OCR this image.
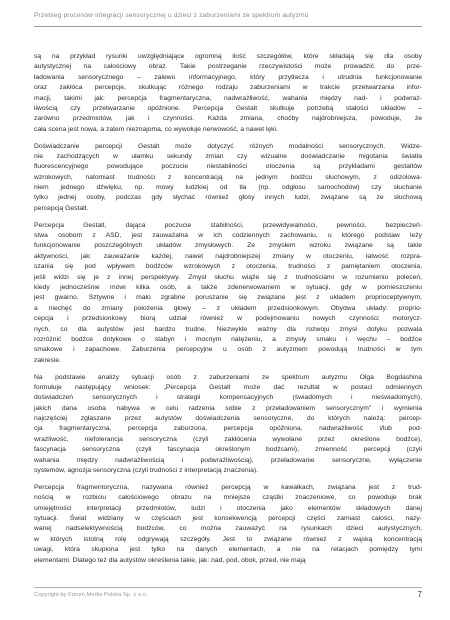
Przebieg procesów integracji sensorycznej u dzieci z zaburzeniami ze spektrum autyzmu
są na przykład rysunki uwzględniające ogromną ilość szczegółów, które składają się dla osoby
autystycznej na całościowy obraz. Takie postrzeganie rzeczywistości może prowadzić do prze-
ładowania sensorycznego – zalewu informacyjnego, który przytłacza i utrudnia funkcjonowanie
oraz zakłóca percepcje, skutkując różnego rodzaju zaburzeniami w trakcie przetwarzania infor-
macji, takimi jak: percepcja fragmentaryczna, nadwrażliwość, wahania między nad- i podwraż-
liwością czy przetwarzanie opóźnione. Percepcja Gestalt skutkuje potrzebą stałości układów –
zarówno przedmiotów, jak i czynności. Każda zmiana, choćby najdrobniejsza, powoduje, że
cała scena jest nowa, a zatem nieznajoma, co wywołuje nerwowość, a nawet lęki.
Doświadczanie percepcji Gestalt może dotyczyć różnych modalności sensorycznych. Widze-
nie zachodzących w ułamku sekundy zmian czy wizualne doświadczanie migotania światła
fluorescencyjnego powodujące poczucie niestabilności otoczenia są przykładami gestaltów
wzrokowych, natomiast trudności z koncentracją na jednym bodźcu słuchowym, z odizolowa-
niem jednego dźwięku, np. mowy ludzkiej od tła (np. odgłosu samochodów) czy słuchanie
tylko jednej osoby, podczas gdy słychać również głosy innych ludzi, związane są ze słuchową
percepcją Gestalt.
Percepcja Gestalt, dająca poczucie stabilności, przewidywalności, pewności, bezpieczeń-
stwa osobom z ASD, jest zauważalna w ich codziennych zachowaniu, u którego podstaw leży
funkcjonowanie poszczególnych układów zmysłowych. Ze zmysłem wzroku związane są takie
aktywności, jak: zauważanie każdej, nawet najdrobniejszej zmiany w otoczeniu, łatwość rozpra-
szania się pod wpływem bodźców wzrokowych z otoczenia, trudności z pamiętaniem otoczenia,
jeśli widzi się je z innej perspektywy. Zmysł słuchu wiąże się z trudnościami w rozumieniu poleceń,
kiedy jednocześnie mówi kilka osób, a także zdenerwowaniem w sytuacji, gdy w pomieszczeniu
jest gwarno. Sztywne i mało zgrabne poruszanie się związane jest z układem proprioceptywnym,
a niechęć do zmiany położenia głowy – z układem przedsionkowym. Obydwa układy: proprio-
cepcja i przedsionkowy biorą udział również w podejmowaniu nowych czynności motorycz-
nych, co dla autystów jest bardzo trudne. Niezwykle ważny dla rozwoju zmysł dotyku pozwala
rozróżnić bodźce dotykowe o stabyn i mocnym natężeniu, a zmysły smaku i węchu – bodźce
smakowe i zapachowe. Zaburzenia percepcyjne u osób z autyzmem powodują trudności w tym
zakresie.
Na podstawie analizy sytuacji osób z zaburzeniami ze spektrum autyzmu Olga Bogdashina
formułuje następujący wniosek: „Percepcja Gestalt może dać rezultat w postaci odmiennych
doświadczeń sensorycznych i strategii kompensacyjnych (świadomych i nieświadomych),
jakich dana osoba nabywa w celu radzenia sobie z przeładowaniem sensorycznym” i wymienia
najczęściej zgłaszane przez autystów doświadczenia sensoryczne, do których należą: percep-
cja fragmentaryczna, percepcja zaburzona, percepcja opóźniona, nadwrażliwość i/lub pod-
wrażliwość, niefolerancja sensoryczna (czyli zakłócenia wywołane przez określone bodźce),
fascynacja sensoryczna (czyli fascynacja określonym bodźcami), zmienność percepcji (czyli
wahania między nadwrażliwością i podwrażliwością), przeładowanie sensoryczne, wyłączenie
systemów, agnozja sensoryczna (czyli trudności z interpretacją znaczenia).
Percepcja fragmentoryczna, nazywana również percepcją w kawałkach, związana jest z trud-
nością w rozbiciu całościowego obrazu na mniejsze cząstki znaczeniowe, co powoduje brak
umiejętności interpretacji przedmiotów, ludzi i otoczenia jako elementów składowych danej
sytuacji. Świat widziany w częściach jest konsekwencją percepcji części zamiast całości, nazy-
wanej nadselektywnością bodźców, co można zauważyć na rysunkach dzieci autystycznych,
w których istotną rolę odgrywają szczegóły. Jest to związane również z wąską koncentracją
uwagi, która skupiona jest tylko na danych elementach, a nie na relacjach pomiędzy tymi
elementami. Dlatego też dla autystów określenia takie, jak: nad, pod, obok, przed, nie mają
Copyright by Forum Media Polska Sp. z o.o.	7
